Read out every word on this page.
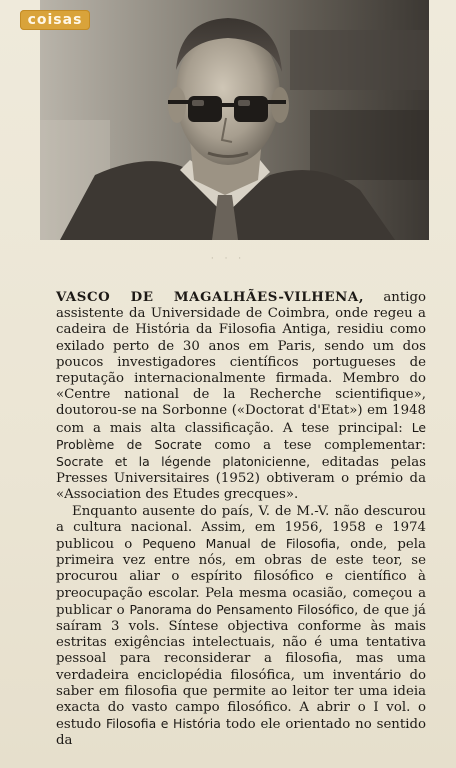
coisas
· · ·

VASCO DE MAGALHÃES-VILHENA, antigo assistente da Universidade de Coimbra, onde regeu a cadeira de História da Filosofia Antiga, residiu como exilado perto de 30 anos em Paris, sendo um dos poucos investigadores científicos portugueses de reputação internacionalmente firmada. Membro do «Centre national de la Recherche scientifique», doutorou-se na Sorbonne («Doctorat d'Etat») em 1948 com a mais alta classificação. A tese principal: Le Problème de Socrate como a tese complementar: Socrate et la légende platonicienne, editadas pelas Presses Universitaires (1952) obtiveram o prémio da «Association des Etudes grecques».

Enquanto ausente do país, V. de M.-V. não descurou a cultura nacional. Assim, em 1956, 1958 e 1974 publicou o Pequeno Manual de Filosofia, onde, pela primeira vez entre nós, em obras de este teor, se procurou aliar o espírito filosófico e científico à preocupação escolar. Pela mesma ocasião, começou a publicar o Panorama do Pensamento Filosófico, de que já saíram 3 vols. Síntese objectiva conforme às mais estritas exigências intelectuais, não é uma tentativa pessoal para reconsiderar a filosofia, mas uma verdadeira enciclopédia filosófica, um inventário do saber em filosofia que permite ao leitor ter uma ideia exacta do vasto campo filosófico. A abrir o I vol. o estudo Filosofia e História todo ele orientado no sentido da
